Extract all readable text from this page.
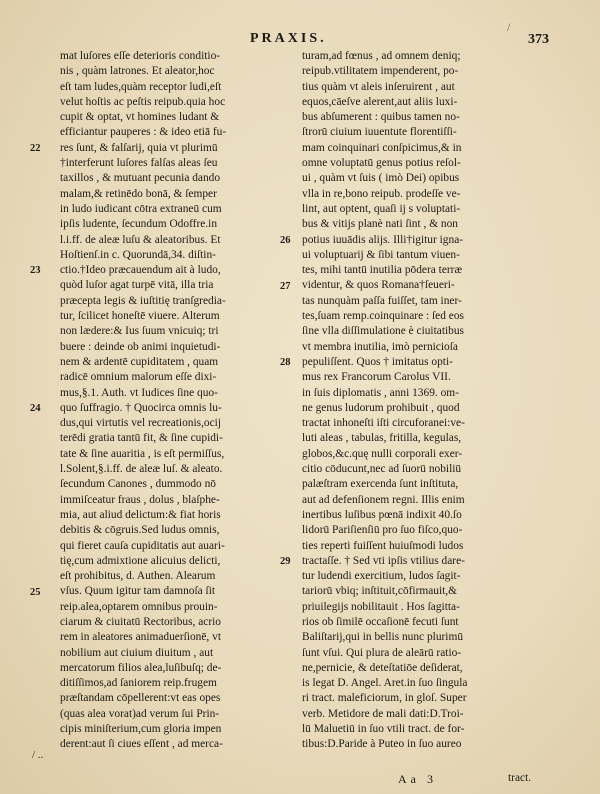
/
PRAXIS.	373
22
23
24
25
mat luſores eſſe deterioris conditio-
nis , quàm latrones. Et aleator,hoc
eſt tam ludes,quàm receptor ludi,eſt
velut hoſtis ac peſtis reipub.quia hoc
cupit & optat, vt homines ludant &
efficiantur pauperes : & ideo etiā fu-
res ſunt, & falſarij, quia vt plurimū
†interferunt luſores falſas aleas ſeu
taxillos , & mutuant pecunia dando
malam,& retinēdo bonā, & ſemper
in ludo iudicant cōtra extraneū cum
ipſis ludente, ſecundum Odoffre.in
l.i.ff. de aleæ luſu & aleatoribus. Et
Hoſtienſ.in c. Quorundā,34. diſtin-
ctio.†Ideo præcauendum ait à ludo,
quòd luſor agat turpē vitā, illa tria
præcepta legis & iuſtitię tranſgredia-
tur, ſcilicet honeſtē viuere. Alterum
non lædere:& Ius ſuum vnicuiq; tri
buere : deinde ob animi inquietudi-
nem & ardentē cupiditatem , quam
radicē omnium malorum eſſe dixi-
mus,§.1. Auth. vt Iudices ſine quo-
quo ſuffragio. † Quocirca omnis lu-
dus,qui virtutis vel recreationis,ocij
terēdi gratia tantū fit, & ſine cupidi-
tate & ſine auaritia , is eſt permiſſus,
l.Solent,§.i.ff. de aleæ luſ. & aleato.
ſecundum Canones , dummodo nō
immiſceatur fraus , dolus , blaſphe-
mia, aut aliud delictum:& fiat horis
debitis & cōgruis.Sed ludus omnis,
qui fieret cauſa cupiditatis aut auari-
tię,cum admixtione alicuius delicti,
eſt prohibitus, d. Authen. Alearum
vſus. Quum igitur tam damnoſa ſit
reip.alea,optarem omnibus prouin-
ciarum & ciuitatū Rectoribus, acrio
rem in aleatores animaduerſionē, vt
nobilium aut ciuium diuitum , aut
mercatorum filios alea,luſibuſq; de-
ditiſſimos,ad ſaniorem reip.frugem
præſtandam cōpellerent:vt eas opes
(quas alea vorat)ad verum ſui Prin-
cipis miniſterium,cum gloria impen
derent:aut ſi ciues eſſent , ad merca-
26
27
28
29
turam,ad fœnus , ad omnem deniq;
reipub.vtilitatem impenderent, po-
tius quàm vt aleis inſeruirent , aut
equos,cāeſve alerent,aut aliis luxi-
bus abſumerent : quibus tamen no-
ſtrorū ciuium iuuentute florentiſſi-
mam coinquinari conſpicimus,& in
omne voluptatū genus potius reſol-
ui , quàm vt ſuis ( imò Dei) opibus
vlla in re,bono reipub. prodeſſe ve-
lint, aut optent, quaſi ij s voluptati-
bus & vitijs planè nati ſint , & non
potius iuuādis alijs. Illi†igitur igna-
ui voluptuarij & ſibi tantum viuen-
tes, mihi tantū inutilia pōdera terræ
videntur, & quos Romana†ſeueri-
tas nunquàm paſſa fuiſſet, tam iner-
tes,ſuam remp.coinquinare : ſed eos
ſine vlla diſſimulatione è ciuitatibus
vt membra inutilia, imò pernicioſa
pepuliſſent. Quos † imitatus opti-
mus rex Francorum Carolus VII.
in ſuis diplomatis , anni 1369. om-
ne genus ludorum prohibuit , quod
tractat inhoneſti iſti circuforanei:ve-
luti aleas , tabulas, fritilla, kegulas,
globos,&c.quę nulli corporali exer-
citio cōducunt,nec ad ſuorū nobiliū
palæſtram exercenda ſunt inſtituta,
aut ad defenſionem regni. Illis enim
inertibus luſibus pœnā indixit 40.ſo
lidorū Pariſienſiū pro ſuo fiſco,quo-
ties reperti fuiſſent huiuſmodi ludos
tractaſſe. † Sed vti ipſis vtilius dare-
tur ludendi exercitium, ludos ſagit-
tariorū vbiq; inſtituit,cōfirmauit,&
priuilegijs nobilitauit . Hos ſagitta-
rios ob ſimilē occaſionē fecuti ſunt
Baliſtarij,qui in bellis nunc plurimū
ſunt vſui. Qui plura de aleārū ratio-
ne,pernicie, & deteſtatiōe deſiderat,
is legat D. Angel. Aret.in ſuo ſingula
ri tract. maleficiorum, in gloſ. Super
verb. Metidore de mali dati:D.Troi-
lū Maluetiū in ſuo vtili tract. de for-
tibus:D.Paride à Puteo in ſuo aureo
/ ..
Aa 3	tract.
